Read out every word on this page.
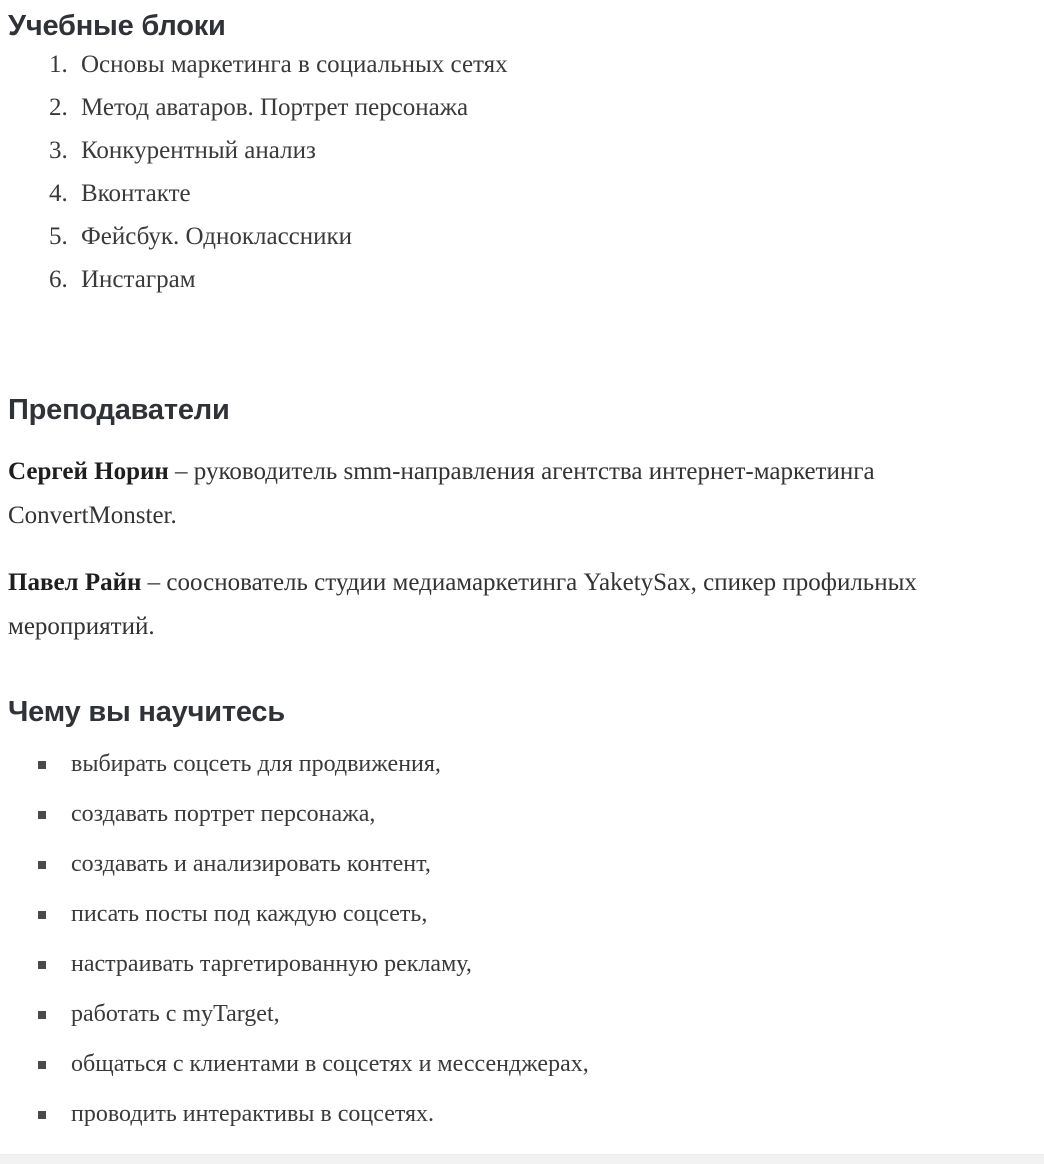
Учебные блоки
1. Основы маркетинга в социальных сетях
2. Метод аватаров. Портрет персонажа
3. Конкурентный анализ
4. Вконтакте
5. Фейсбук. Одноклассники
6. Инстаграм
Преподаватели

Сергей Норин – руководитель smm-направления агентства интернет-маркетинга ConvertMonster.

Павел Райн – сооснователь студии медиамаркетинга YaketySax, спикер профильных мероприятий.

Чему вы научитесь
выбирать соцсеть для продвижения,
создавать портрет персонажа,
создавать и анализировать контент,
писать посты под каждую соцсеть,
настраивать таргетированную рекламу,
работать с myTarget,
общаться с клиентами в соцсетях и мессенджерах,
проводить интерактивы в соцсетях.
